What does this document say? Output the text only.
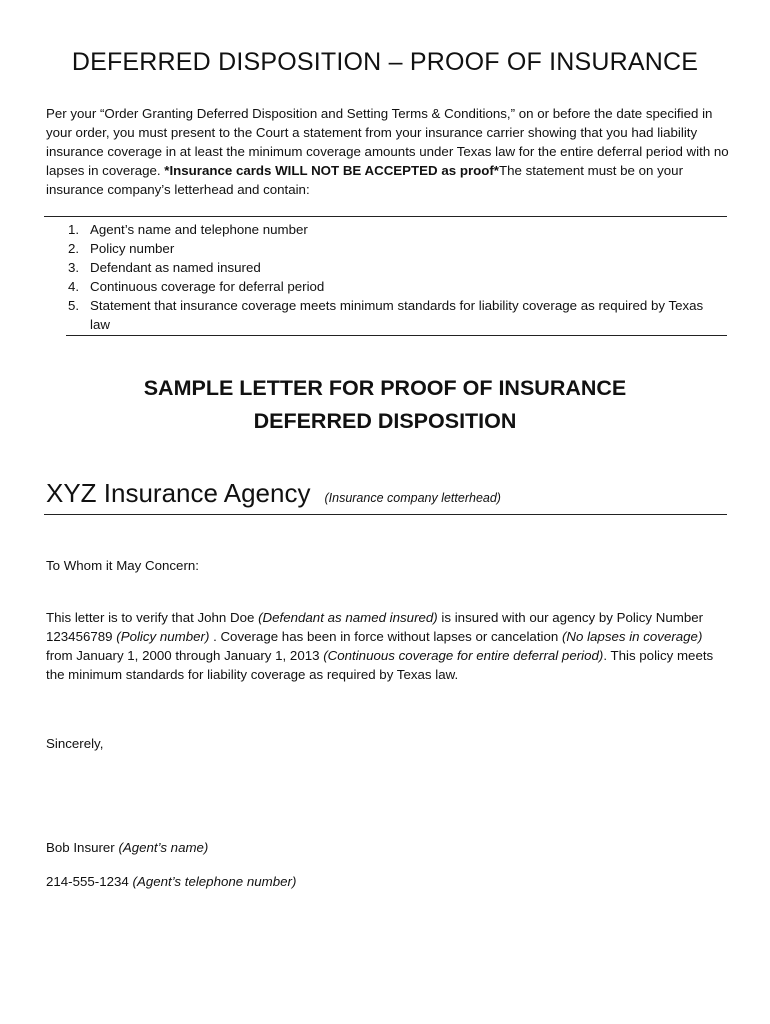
DEFERRED DISPOSITION – PROOF OF INSURANCE
Per your “Order Granting Deferred Disposition and Setting Terms & Conditions,” on or before the date specified in your order, you must present to the Court a statement from your insurance carrier showing that you had liability insurance coverage in at least the minimum coverage amounts under Texas law for the entire deferral period with no lapses in coverage. *Insurance cards WILL NOT BE ACCEPTED as proof*The statement must be on your insurance company’s letterhead and contain:
1. Agent’s name and telephone number
2. Policy number
3. Defendant as named insured
4. Continuous coverage for deferral period
5. Statement that insurance coverage meets minimum standards for liability coverage as required by Texas law
SAMPLE LETTER FOR PROOF OF INSURANCE
DEFERRED DISPOSITION
XYZ Insurance Agency (Insurance company letterhead)
To Whom it May Concern:
This letter is to verify that John Doe (Defendant as named insured) is insured with our agency by Policy Number 123456789 (Policy number) . Coverage has been in force without lapses or cancelation (No lapses in coverage) from January 1, 2000 through January 1, 2013 (Continuous coverage for entire deferral period). This policy meets the minimum standards for liability coverage as required by Texas law.
Sincerely,
Bob Insurer (Agent’s name)
214-555-1234 (Agent’s telephone number)
